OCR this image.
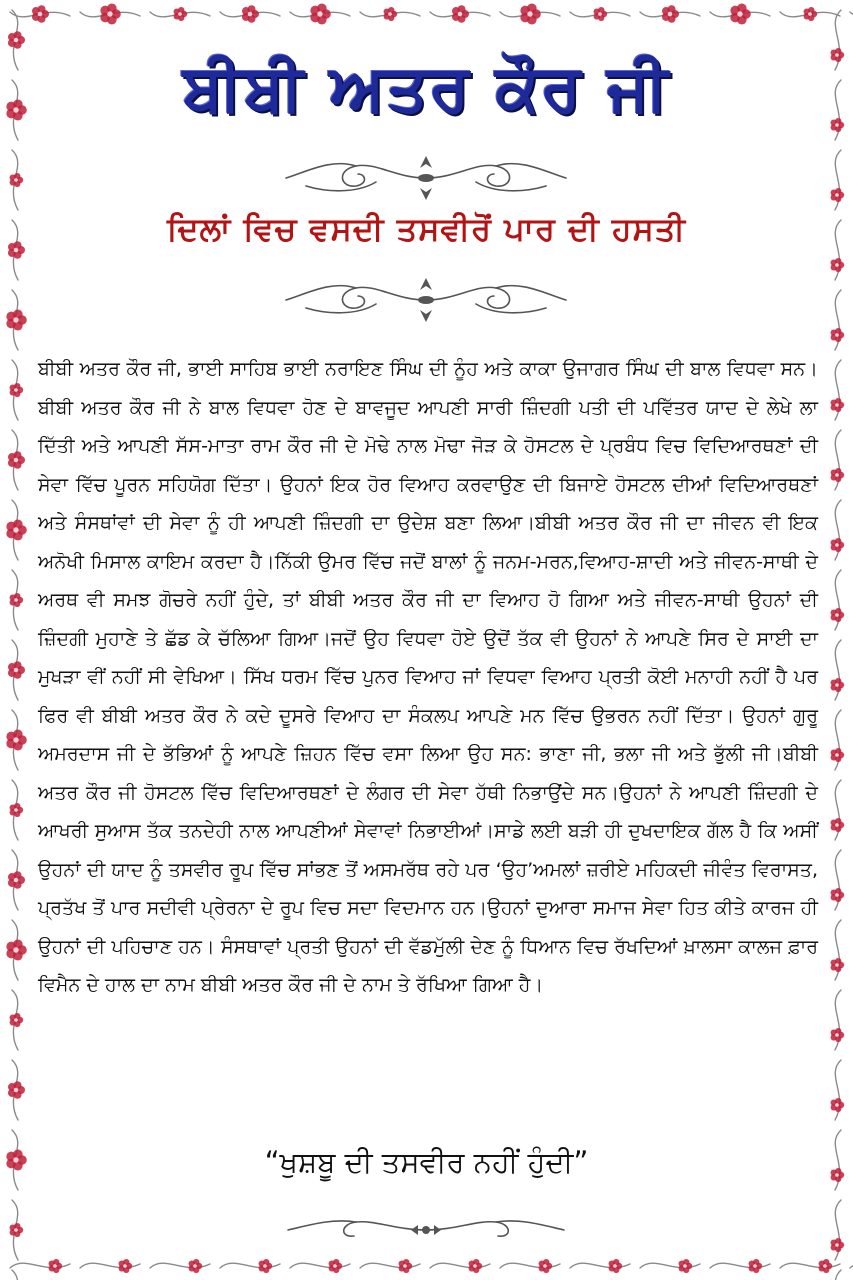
ਬੀਬੀ ਅਤਰ ਕੌਰ ਜੀ
ਦਿਲਾਂ ਵਿਚ ਵਸਦੀ ਤਸਵੀਰੋਂ ਪਾਰ ਦੀ ਹਸਤੀ
ਬੀਬੀ ਅਤਰ ਕੌਰ ਜੀ, ਭਾਈ ਸਾਹਿਬ ਭਾਈ ਨਰਾਇਣ ਸਿੰਘ ਦੀ ਨੂੰਹ ਅਤੇ ਕਾਕਾ ਉਜਾਗਰ ਸਿੰਘ ਦੀ ਬਾਲ ਵਿਧਵਾ ਸਨ।ਬੀਬੀ ਅਤਰ ਕੌਰ ਜੀ ਨੇ ਬਾਲ ਵਿਧਵਾ ਹੋਣ ਦੇ ਬਾਵਜੂਦ ਆਪਣੀ ਸਾਰੀ ਜ਼ਿੰਦਗੀ ਪਤੀ ਦੀ ਪਵਿੱਤਰ ਯਾਦ ਦੇ ਲੇਖੇ ਲਾ ਦਿੱਤੀ ਅਤੇ ਆਪਣੀ ਸੱਸ-ਮਾਤਾ ਰਾਮ ਕੌਰ ਜੀ ਦੇ ਮੋਢੇ ਨਾਲ ਮੋਢਾ ਜੋੜ ਕੇ ਹੋਸਟਲ ਦੇ ਪ੍ਰਬੰਧ ਵਿਚ ਵਿਦਿਆਰਥਣਾਂ ਦੀ ਸੇਵਾ ਵਿੱਚ ਪੂਰਨ ਸਹਿਯੋਗ ਦਿੱਤਾ। ਉਹਨਾਂ ਇਕ ਹੋਰ ਵਿਆਹ ਕਰਵਾਉਣ ਦੀ ਬਿਜਾਏ ਹੋਸਟਲ ਦੀਆਂ ਵਿਦਿਆਰਥਣਾਂ ਅਤੇ ਸੰਸਥਾਂਵਾਂ ਦੀ ਸੇਵਾ ਨੂੰ ਹੀ ਆਪਣੀ ਜ਼ਿੰਦਗੀ ਦਾ ਉਦੇਸ਼ ਬਣਾ ਲਿਆ।ਬੀਬੀ ਅਤਰ ਕੌਰ ਜੀ ਦਾ ਜੀਵਨ ਵੀ ਇਕ ਅਨੋਖੀ ਮਿਸਾਲ ਕਾਇਮ ਕਰਦਾ ਹੈ।ਨਿੱਕੀ ਉਮਰ ਵਿੱਚ ਜਦੋਂ ਬਾਲਾਂ ਨੂੰ ਜਨਮ-ਮਰਨ,ਵਿਆਹ-ਸ਼ਾਦੀ ਅਤੇ ਜੀਵਨ-ਸਾਥੀ ਦੇ ਅਰਥ ਵੀ ਸਮਝ ਗੋਚਰੇ ਨਹੀਂ ਹੁੰਦੇ, ਤਾਂ ਬੀਬੀ ਅਤਰ ਕੌਰ ਜੀ ਦਾ ਵਿਆਹ ਹੋ ਗਿਆ ਅਤੇ ਜੀਵਨ-ਸਾਥੀ ਉਹਨਾਂ ਦੀ ਜ਼ਿੰਦਗੀ ਮੁਹਾਣੇ ਤੇ ਛੱਡ ਕੇ ਚੱਲਿਆ ਗਿਆ।ਜਦੋਂ ਉਹ ਵਿਧਵਾ ਹੋਏ ਉਦੋਂ ਤੱਕ ਵੀ ਉਹਨਾਂ ਨੇ ਆਪਣੇ ਸਿਰ ਦੇ ਸਾਈ ਦਾ ਮੁਖੜਾ ਵੀਂ ਨਹੀਂ ਸੀ ਵੇਖਿਆ। ਸਿੱਖ ਧਰਮ ਵਿੱਚ ਪੁਨਰ ਵਿਆਹ ਜਾਂ ਵਿਧਵਾ ਵਿਆਹ ਪ੍ਰਤੀ ਕੋਈ ਮਨਾਹੀ ਨਹੀਂ ਹੈ ਪਰ ਫਿਰ ਵੀ ਬੀਬੀ ਅਤਰ ਕੌਰ ਨੇ ਕਦੇ ਦੂਸਰੇ ਵਿਆਹ ਦਾ ਸੰਕਲਪ ਆਪਣੇ ਮਨ ਵਿੱਚ ਉਭਰਨ ਨਹੀਂ ਦਿੱਤਾ। ਉਹਨਾਂ ਗੁਰੂ ਅਮਰਦਾਸ ਜੀ ਦੇ ਭੱਭਿਆਂ ਨੂੰ ਆਪਣੇ ਜ਼ਿਹਨ ਵਿੱਚ ਵਸਾ ਲਿਆ ਉਹ ਸਨ: ਭਾਣਾ ਜੀ, ਭਲਾ ਜੀ ਅਤੇ ਭੁੱਲੀ ਜੀ।ਬੀਬੀ ਅਤਰ ਕੌਰ ਜੀ ਹੋਸਟਲ ਵਿੱਚ ਵਿਦਿਆਰਥਣਾਂ ਦੇ ਲੰਗਰ ਦੀ ਸੇਵਾ ਹੱਥੀ ਨਿਭਾਉਂਦੇ ਸਨ।ਉਹਨਾਂ ਨੇ ਆਪਣੀ ਜ਼ਿੰਦਗੀ ਦੇ ਆਖਰੀ ਸੁਆਸ ਤੱਕ ਤਨਦੇਹੀ ਨਾਲ ਆਪਣੀਆਂ ਸੇਵਾਵਾਂ ਨਿਭਾਈਆਂ।ਸਾਡੇ ਲਈ ਬੜੀ ਹੀ ਦੁਖਦਾਇਕ ਗੱਲ ਹੈ ਕਿ ਅਸੀਂ ਉਹਨਾਂ ਦੀ ਯਾਦ ਨੂੰ ਤਸਵੀਰ ਰੂਪ ਵਿੱਚ ਸਾਂਭਣ ਤੋਂ ਅਸਮਰੱਥ ਰਹੇ ਪਰ ‘ਉਹ’ਅਮਲਾਂ ਜ਼ਰੀਏ ਮਹਿਕਦੀ ਜੀਵੰਤ ਵਿਰਾਸਤ, ਪ੍ਰਤੱਖ ਤੋਂ ਪਾਰ ਸਦੀਵੀ ਪ੍ਰੇਰਨਾ ਦੇ ਰੂਪ ਵਿਚ ਸਦਾ ਵਿਦਮਾਨ ਹਨ।ਉਹਨਾਂ ਦੁਆਰਾ ਸਮਾਜ ਸੇਵਾ ਹਿਤ ਕੀਤੇ ਕਾਰਜ ਹੀ ਉਹਨਾਂ ਦੀ ਪਹਿਚਾਣ ਹਨ। ਸੰਸਥਾਵਾਂ ਪ੍ਰਤੀ ਉਹਨਾਂ ਦੀ ਵੱਡਮੁੱਲੀ ਦੇਣ ਨੂੰ ਧਿਆਨ ਵਿਚ ਰੱਖਦਿਆਂ ਖ਼ਾਲਸਾ ਕਾਲਜ ਫ਼ਾਰ ਵਿਮੈਨ ਦੇ ਹਾਲ ਦਾ ਨਾਮ ਬੀਬੀ ਅਤਰ ਕੌਰ ਜੀ ਦੇ ਨਾਮ ਤੇ ਰੱਖਿਆ ਗਿਆ ਹੈ।
“ਖੁਸ਼ਬੂ ਦੀ ਤਸਵੀਰ ਨਹੀਂ ਹੁੰਦੀ”
